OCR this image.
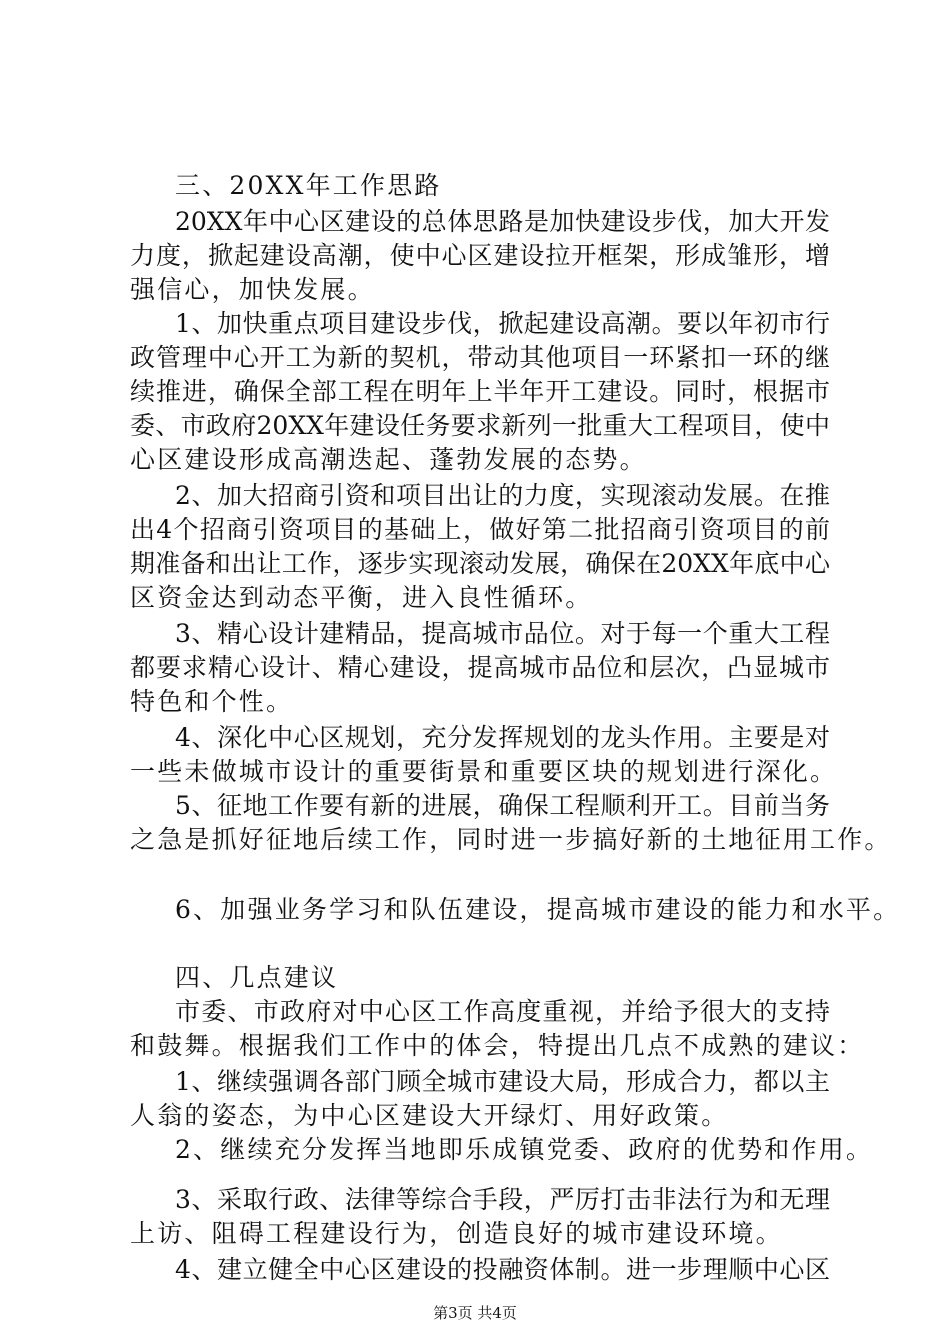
三、20XX年工作思路
20XX年中心区建设的总体思路是加快建设步伐，加大开发
力度，掀起建设高潮，使中心区建设拉开框架，形成雏形，增
强信心，加快发展。
1、加快重点项目建设步伐，掀起建设高潮。要以年初市行
政管理中心开工为新的契机，带动其他项目一环紧扣一环的继
续推进，确保全部工程在明年上半年开工建设。同时，根据市
委、市政府20XX年建设任务要求新列一批重大工程项目，使中
心区建设形成高潮迭起、蓬勃发展的态势。
2、加大招商引资和项目出让的力度，实现滚动发展。在推
出4个招商引资项目的基础上，做好第二批招商引资项目的前
期准备和出让工作，逐步实现滚动发展，确保在20XX年底中心
区资金达到动态平衡，进入良性循环。
3、精心设计建精品，提高城市品位。对于每一个重大工程
都要求精心设计、精心建设，提高城市品位和层次，凸显城市
特色和个性。
4、深化中心区规划，充分发挥规划的龙头作用。主要是对
一些未做城市设计的重要街景和重要区块的规划进行深化。
5、征地工作要有新的进展，确保工程顺利开工。目前当务
之急是抓好征地后续工作，同时进一步搞好新的土地征用工作。
6、加强业务学习和队伍建设，提高城市建设的能力和水平。
四、几点建议
市委、市政府对中心区工作高度重视，并给予很大的支持
和鼓舞。根据我们工作中的体会，特提出几点不成熟的建议：
1、继续强调各部门顾全城市建设大局，形成合力，都以主
人翁的姿态，为中心区建设大开绿灯、用好政策。
2、继续充分发挥当地即乐成镇党委、政府的优势和作用。
3、采取行政、法律等综合手段，严厉打击非法行为和无理
上访、阻碍工程建设行为，创造良好的城市建设环境。
4、建立健全中心区建设的投融资体制。进一步理顺中心区
第3页 共4页
